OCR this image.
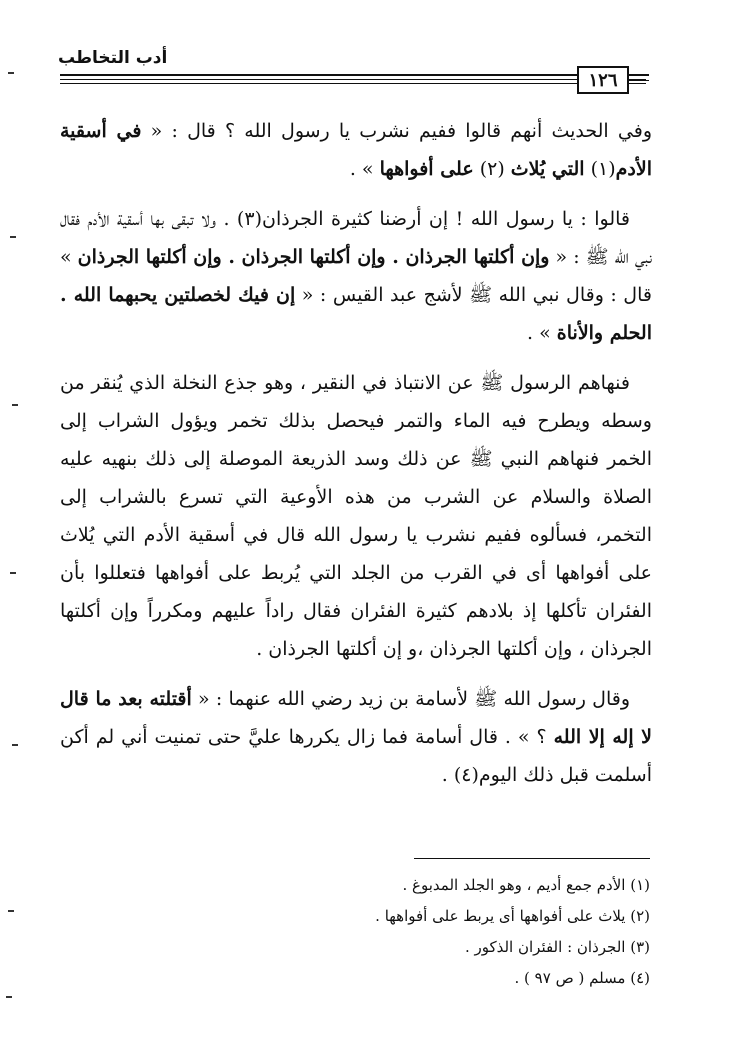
أدب التخاطب
١٢٦

وفي الحديث أنهم قالوا ففيم نشرب يا رسول الله ؟ قال : « في أسقية الأدم(١) التي يُلاث (٢) على أفواهها » .

قالوا : يا رسول الله ! إن أرضنا كثيرة الجرذان(٣) . ولا تبقى بها أسقية الأدم فقال نبي الله ﷺ : « وإن أكلتها الجرذان . وإن أكلتها الجرذان . وإن أكلتها الجرذان » قال : وقال نبي الله ﷺ لأشج عبد القيس : « إن فيك لخصلتين يحبهما الله . الحلم والأناة » .

فنهاهم الرسول ﷺ عن الانتباذ في النقير ، وهو جذع النخلة الذي يُنقر من وسطه ويطرح فيه الماء والتمر فيحصل بذلك تخمر ويؤول الشراب إلى الخمر فنهاهم النبي ﷺ عن ذلك وسد الذريعة الموصلة إلى ذلك بنهيه عليه الصلاة والسلام عن الشرب من هذه الأوعية التي تسرع بالشراب إلى التخمر، فسألوه ففيم نشرب يا رسول الله قال في أسقية الأدم التي يُلاث على أفواهها أى في القرب من الجلد التي يُربط على أفواهها فتعللوا بأن الفئران تأكلها إذ بلادهم كثيرة الفئران فقال راداً عليهم ومكرراً وإن أكلتها الجرذان ، وإن أكلتها الجرذان ،و إن أكلتها الجرذان .

وقال رسول الله ﷺ لأسامة بن زيد رضي الله عنهما : « أقتلته بعد ما قال لا إله إلا الله ؟ » . قال أسامة فما زال يكررها عليَّ حتى تمنيت أني لم أكن أسلمت قبل ذلك اليوم(٤) .

(١) الأدم جمع أديم ، وهو الجلد المدبوغ .

(٢) يلاث على أفواهها أى يربط على أفواهها .

(٣) الجرذان : الفئران الذكور .

(٤) مسلم ( ص ٩٧ ) .
